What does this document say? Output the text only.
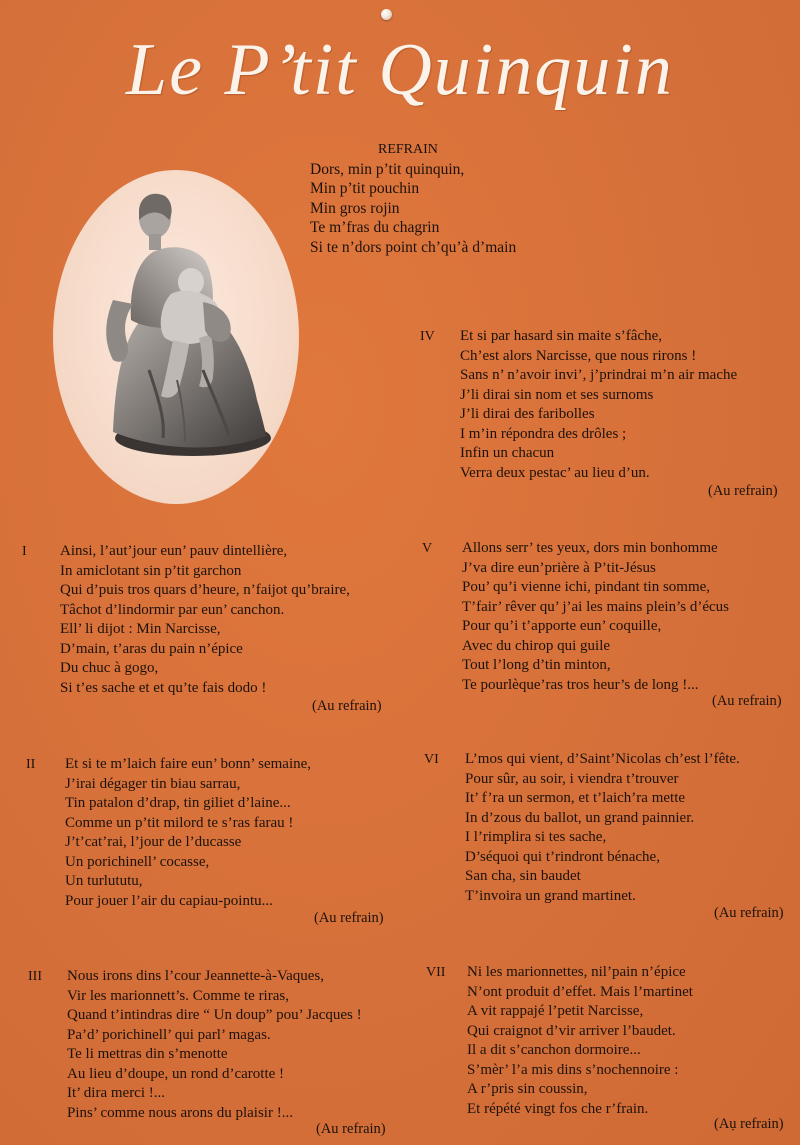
Le P’tit Quinquin
REFRAIN
Dors, min p’tit quinquin,
Min p’tit pouchin
Min gros rojin
Te m’fras du chagrin
Si te n’dors point ch’qu’à d’main
I Ainsi, l’aut’jour eun’ pauv dintellière,
In amiclotant sin p’tit garchon
Qui d’puis tros quars d’heure, n’faijot qu’braire,
Tâchot d’lindormir par eun’ canchon.
Ell’ li dijot : Min Narcisse,
D’main, t’aras du pain n’épice
Du chuc à gogo,
Si t’es sache et et qu’te fais dodo !
(Au refrain)
II Et si te m’laich faire eun’ bonn’ semaine,
J’irai dégager tin biau sarrau,
Tin patalon d’drap, tin giliet d’laine...
Comme un p’tit milord te s’ras farau !
J’t’cat’rai, l’jour de l’ducasse
Un porichinell’ cocasse,
Un turlututu,
Pour jouer l’air du capiau-pointu...
(Au refrain)
III Nous irons dins l’cour Jeannette-à-Vaques,
Vir les marionnett’s. Comme te riras,
Quand t’intindras dire “ Un doup” pou’ Jacques !
Pa’d’ porichinell’ qui parl’ magas.
Te li mettras din s’menotte
Au lieu d’doupe, un rond d’carotte !
It’ dira merci !...
Pins’ comme nous arons du plaisir !...
(Au refrain)
IV Et si par hasard sin maite s’fâche,
Ch’est alors Narcisse, que nous rirons !
Sans n’ n’avoir invi’, j’prindrai m’n air mache
J’li dirai sin nom et ses surnoms
J’li dirai des faribolles
I m’in répondra des drôles ;
Infin un chacun
Verra deux pestac’ au lieu d’un.
(Au refrain)
V Allons serr’ tes yeux, dors min bonhomme
J’va dire eun’prière à P’tit-Jésus
Pou’ qu’i vienne ichi, pindant tin somme,
T’fair’ rêver qu’ j’ai les mains plein’s d’écus
Pour qu’i t’apporte eun’ coquille,
Avec du chirop qui guile
Tout l’long d’tin minton,
Te pourlèque’ras tros heur’s de long !...
(Au refrain)
VI L’mos qui vient, d’Saint’Nicolas ch’est l’fête.
Pour sûr, au soir, i viendra t’trouver
It’ f’ra un sermon, et t’laich’ra mette
In d’zous du ballot, un grand painnier.
I l’rimplira si tes sache,
D’séquoi qui t’rindront bénache,
San cha, sin baudet
T’invoira un grand martinet.
(Au refrain)
VII Ni les marionnettes, nil’pain n’épice
N’ont produit d’effet. Mais l’martinet
A vit rappajé l’petit Narcisse,
Qui craignot d’vir arriver l’baudet.
Il a dit s’canchon dormoire...
S’mèr’ l’a mis dins s’nochennoire :
A r’pris sin coussin,
Et répété vingt fos che r’frain.
(Aụ refrain)
